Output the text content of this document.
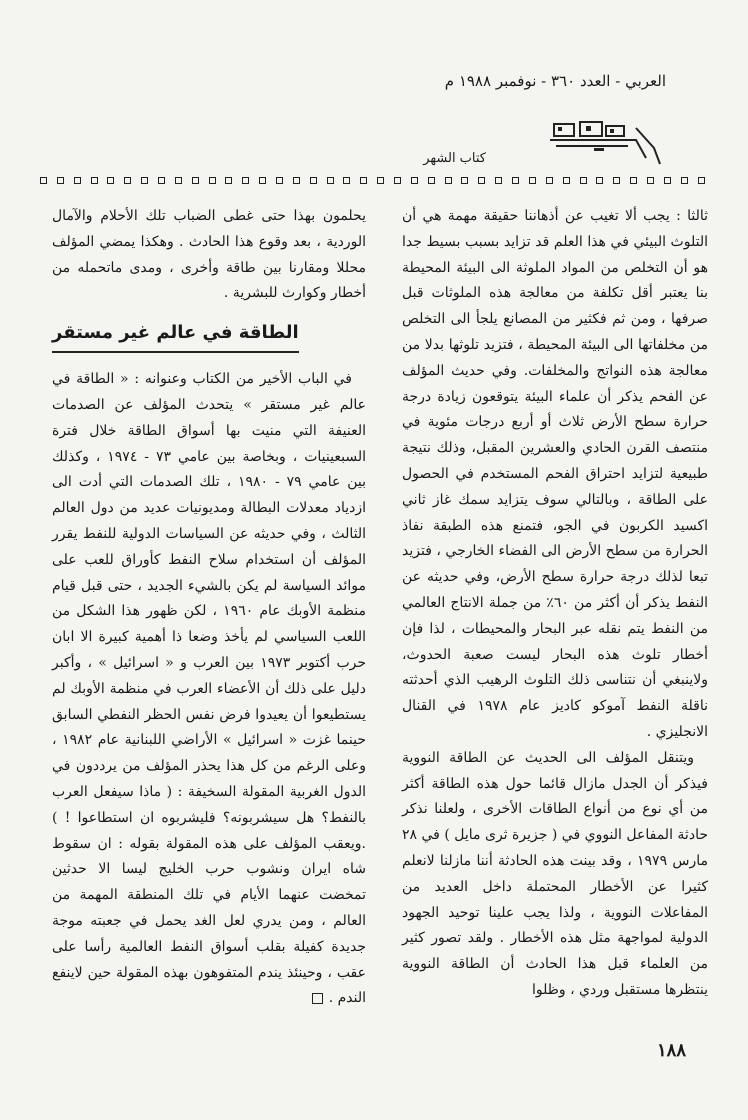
العربي - العدد ٣٦٠ - نوفمبر ١٩٨٨ م
كتاب الشهر

ثالثا : يجب ألا تغيب عن أذهاننا حقيقة مهمة هي أن التلوث البيئي في هذا العلم قد تزايد بسبب بسيط جدا هو أن التخلص من المواد الملوثة الى البيئة المحيطة بنا يعتبر أقل تكلفة من معالجة هذه الملوثات قبل صرفها ، ومن ثم فكثير من المصانع يلجأ الى التخلص من مخلفاتها الى البيئة المحيطة ، فتزيد تلوثها بدلا من معالجة هذه النواتج والمخلفات. وفي حديث المؤلف عن الفحم يذكر أن علماء البيئة يتوقعون زيادة درجة حرارة سطح الأرض ثلاث أو أربع درجات مئوية في منتصف القرن الحادي والعشرين المقبل، وذلك نتيجة طبيعية لتزايد احتراق الفحم المستخدم في الحصول على الطاقة ، وبالتالي سوف يتزايد سمك غاز ثاني اكسيد الكربون في الجو، فتمنع هذه الطبقة نفاذ الحرارة من سطح الأرض الى الفضاء الخارجي ، فتزيد تبعا لذلك درجة حرارة سطح الأرض، وفي حديثه عن النفط يذكر أن أكثر من ٦٠٪ من جملة الانتاج العالمي من النفط يتم نقله عبر البحار والمحيطات ، لذا فإن أخطار تلوث هذه البحار ليست صعبة الحدوث، ولاينبغي أن نتناسى ذلك التلوث الرهيب الذي أحدثته ناقلة النفط آموكو كاديز عام ١٩٧٨ في القنال الانجليزي .

ويتنقل المؤلف الى الحديث عن الطاقة النووية فيذكر أن الجدل مازال قائما حول هذه الطاقة أكثر من أي نوع من أنواع الطاقات الأخرى ، ولعلنا نذكر حادثة المفاعل النووي في ( جزيرة ثرى مايل ) في ٢٨ مارس ١٩٧٩ ، وقد بينت هذه الحادثة أننا مازلنا لانعلم كثيرا عن الأخطار المحتملة داخل العديد من المفاعلات النووية ، ولذا يجب علينا توحيد الجهود الدولية لمواجهة مثل هذه الأخطار . ولقد تصور كثير من العلماء قبل هذا الحادث أن الطاقة النووية ينتظرها مستقبل وردي ، وظلوا

يحلمون بهذا حتى غطى الضباب تلك الأحلام والآمال الوردية ، بعد وقوع هذا الحادث . وهكذا يمضي المؤلف محللا ومقارنا بين طاقة وأخرى ، ومدى ماتحمله من أخطار وكوارث للبشرية .

الطاقة في عالم غير مستقر

في الباب الأخير من الكتاب وعنوانه : « الطاقة في عالم غير مستقر » يتحدث المؤلف عن الصدمات العنيفة التي منيت بها أسواق الطاقة خلال فترة السبعينيات ، وبخاصة بين عامي ٧٣ - ١٩٧٤ ، وكذلك بين عامي ٧٩ - ١٩٨٠ ، تلك الصدمات التي أدت الى ازدياد معدلات البطالة ومديونيات عديد من دول العالم الثالث ، وفي حديثه عن السياسات الدولية للنفط يقرر المؤلف أن استخدام سلاح النفط كأوراق للعب على موائد السياسة لم يكن بالشيء الجديد ، حتى قبل قيام منظمة الأوبك عام ١٩٦٠ ، لكن ظهور هذا الشكل من اللعب السياسي لم يأخذ وضعا ذا أهمية كبيرة الا ابان حرب أكتوبر ١٩٧٣ بين العرب و « اسرائيل » ، وأكبر دليل على ذلك أن الأعضاء العرب في منظمة الأوبك لم يستطيعوا أن يعيدوا فرض نفس الحظر النفطي السابق حينما غزت « اسرائيل » الأراضي اللبنانية عام ١٩٨٢ ، وعلى الرغم من كل هذا يحذر المؤلف من يرددون في الدول الغربية المقولة السخيفة : ( ماذا سيفعل العرب بالنفط؟ هل سيشربونه؟ فليشربوه ان استطاعوا ! ) .ويعقب المؤلف على هذه المقولة بقوله : ان سقوط شاه ايران ونشوب حرب الخليج ليسا الا حدثين تمخضت عنهما الأيام في تلك المنطقة المهمة من العالم ، ومن يدري لعل الغد يحمل في جعبته موجة جديدة كفيلة بقلب أسواق النفط العالمية رأسا على عقب ، وحينئذ يندم المتفوهون بهذه المقولة حين لاينفع الندم .

١٨٨
